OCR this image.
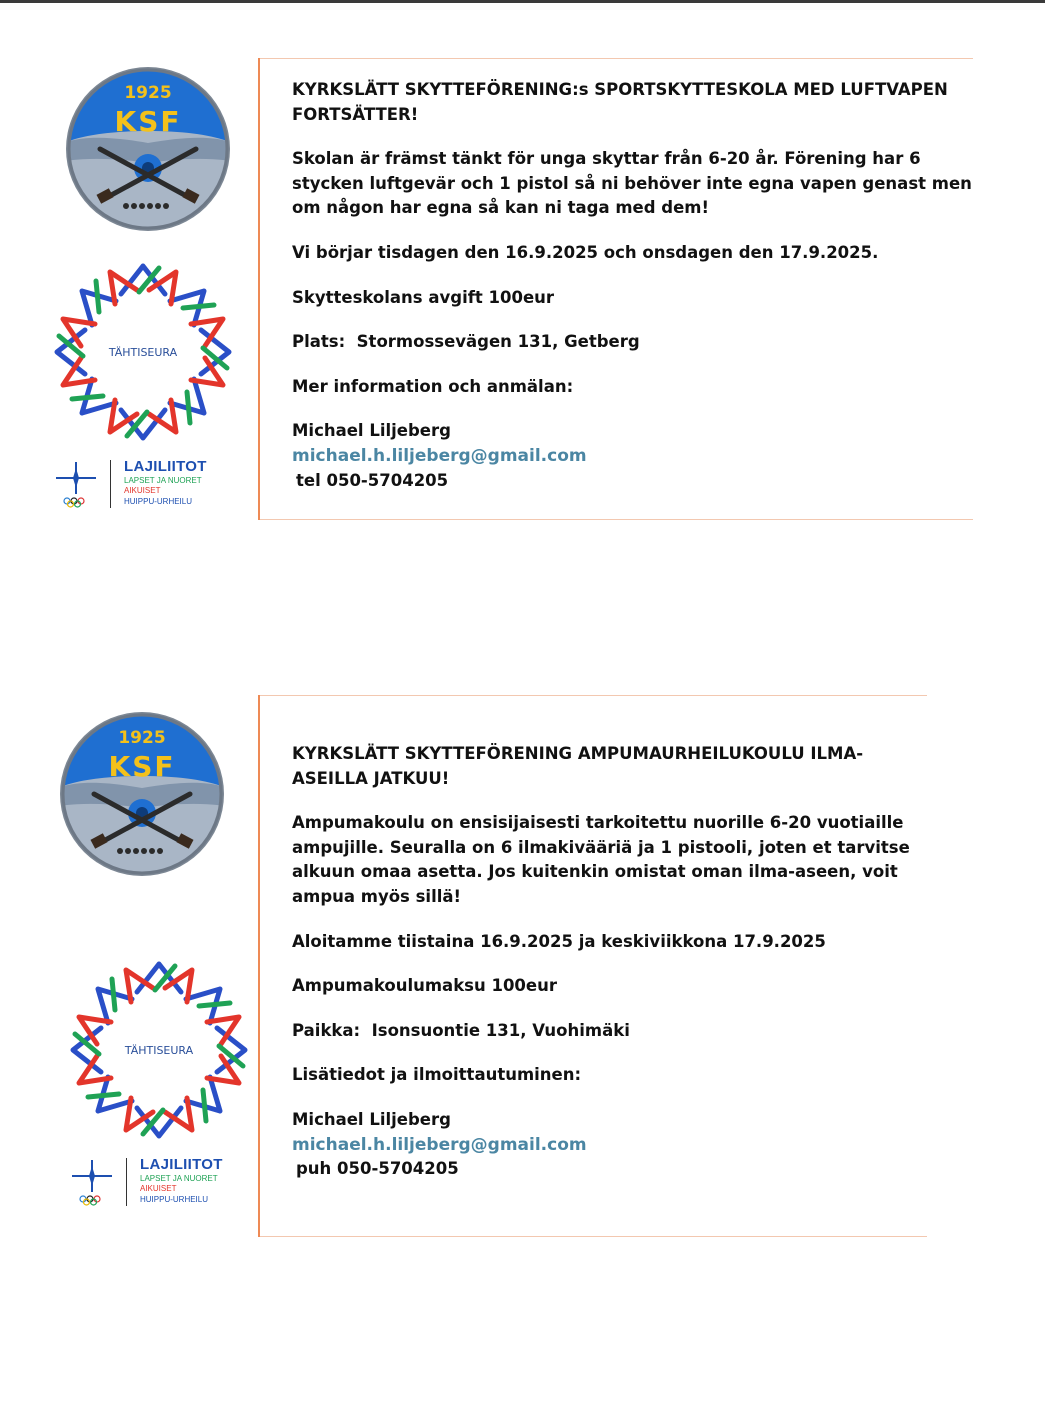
1925
KSF
TÄHTISEURA
LAJILIITOT
LAPSET JA NUORET
AIKUISET
HUIPPU-URHEILU

KYRKSLÄTT SKYTTEFÖRENING:s SPORTSKYTTESKOLA MED LUFTVAPEN FORTSÄTTER!

Skolan är främst tänkt för unga skyttar från 6-20 år. Förening har 6 stycken luftgevär och 1 pistol så ni behöver inte egna vapen genast men om någon har egna så kan ni taga med dem!

Vi börjar tisdagen den 16.9.2025 och onsdagen den 17.9.2025.

Skytteskolans avgift 100eur

Plats:  Stormossevägen 131, Getberg

Mer information och anmälan:

Michael Liljeberg

michael.h.liljeberg@gmail.com

tel 050-5704205

1925
KSF
TÄHTISEURA
LAJILIITOT
LAPSET JA NUORET
AIKUISET
HUIPPU-URHEILU

KYRKSLÄTT SKYTTEFÖRENING AMPUMAURHEILUKOULU ILMA-ASEILLA JATKUU!

Ampumakoulu on ensisijaisesti tarkoitettu nuorille 6-20 vuotiaille ampujille. Seuralla on 6 ilmakivääriä ja 1 pistooli, joten et tarvitse alkuun omaa asetta. Jos kuitenkin omistat oman ilma-aseen, voit ampua myös sillä!

Aloitamme tiistaina 16.9.2025 ja keskiviikkona 17.9.2025

Ampumakoulumaksu 100eur

Paikka:  Isonsuontie 131, Vuohimäki

Lisätiedot ja ilmoittautuminen:

Michael Liljeberg

michael.h.liljeberg@gmail.com

puh 050-5704205
